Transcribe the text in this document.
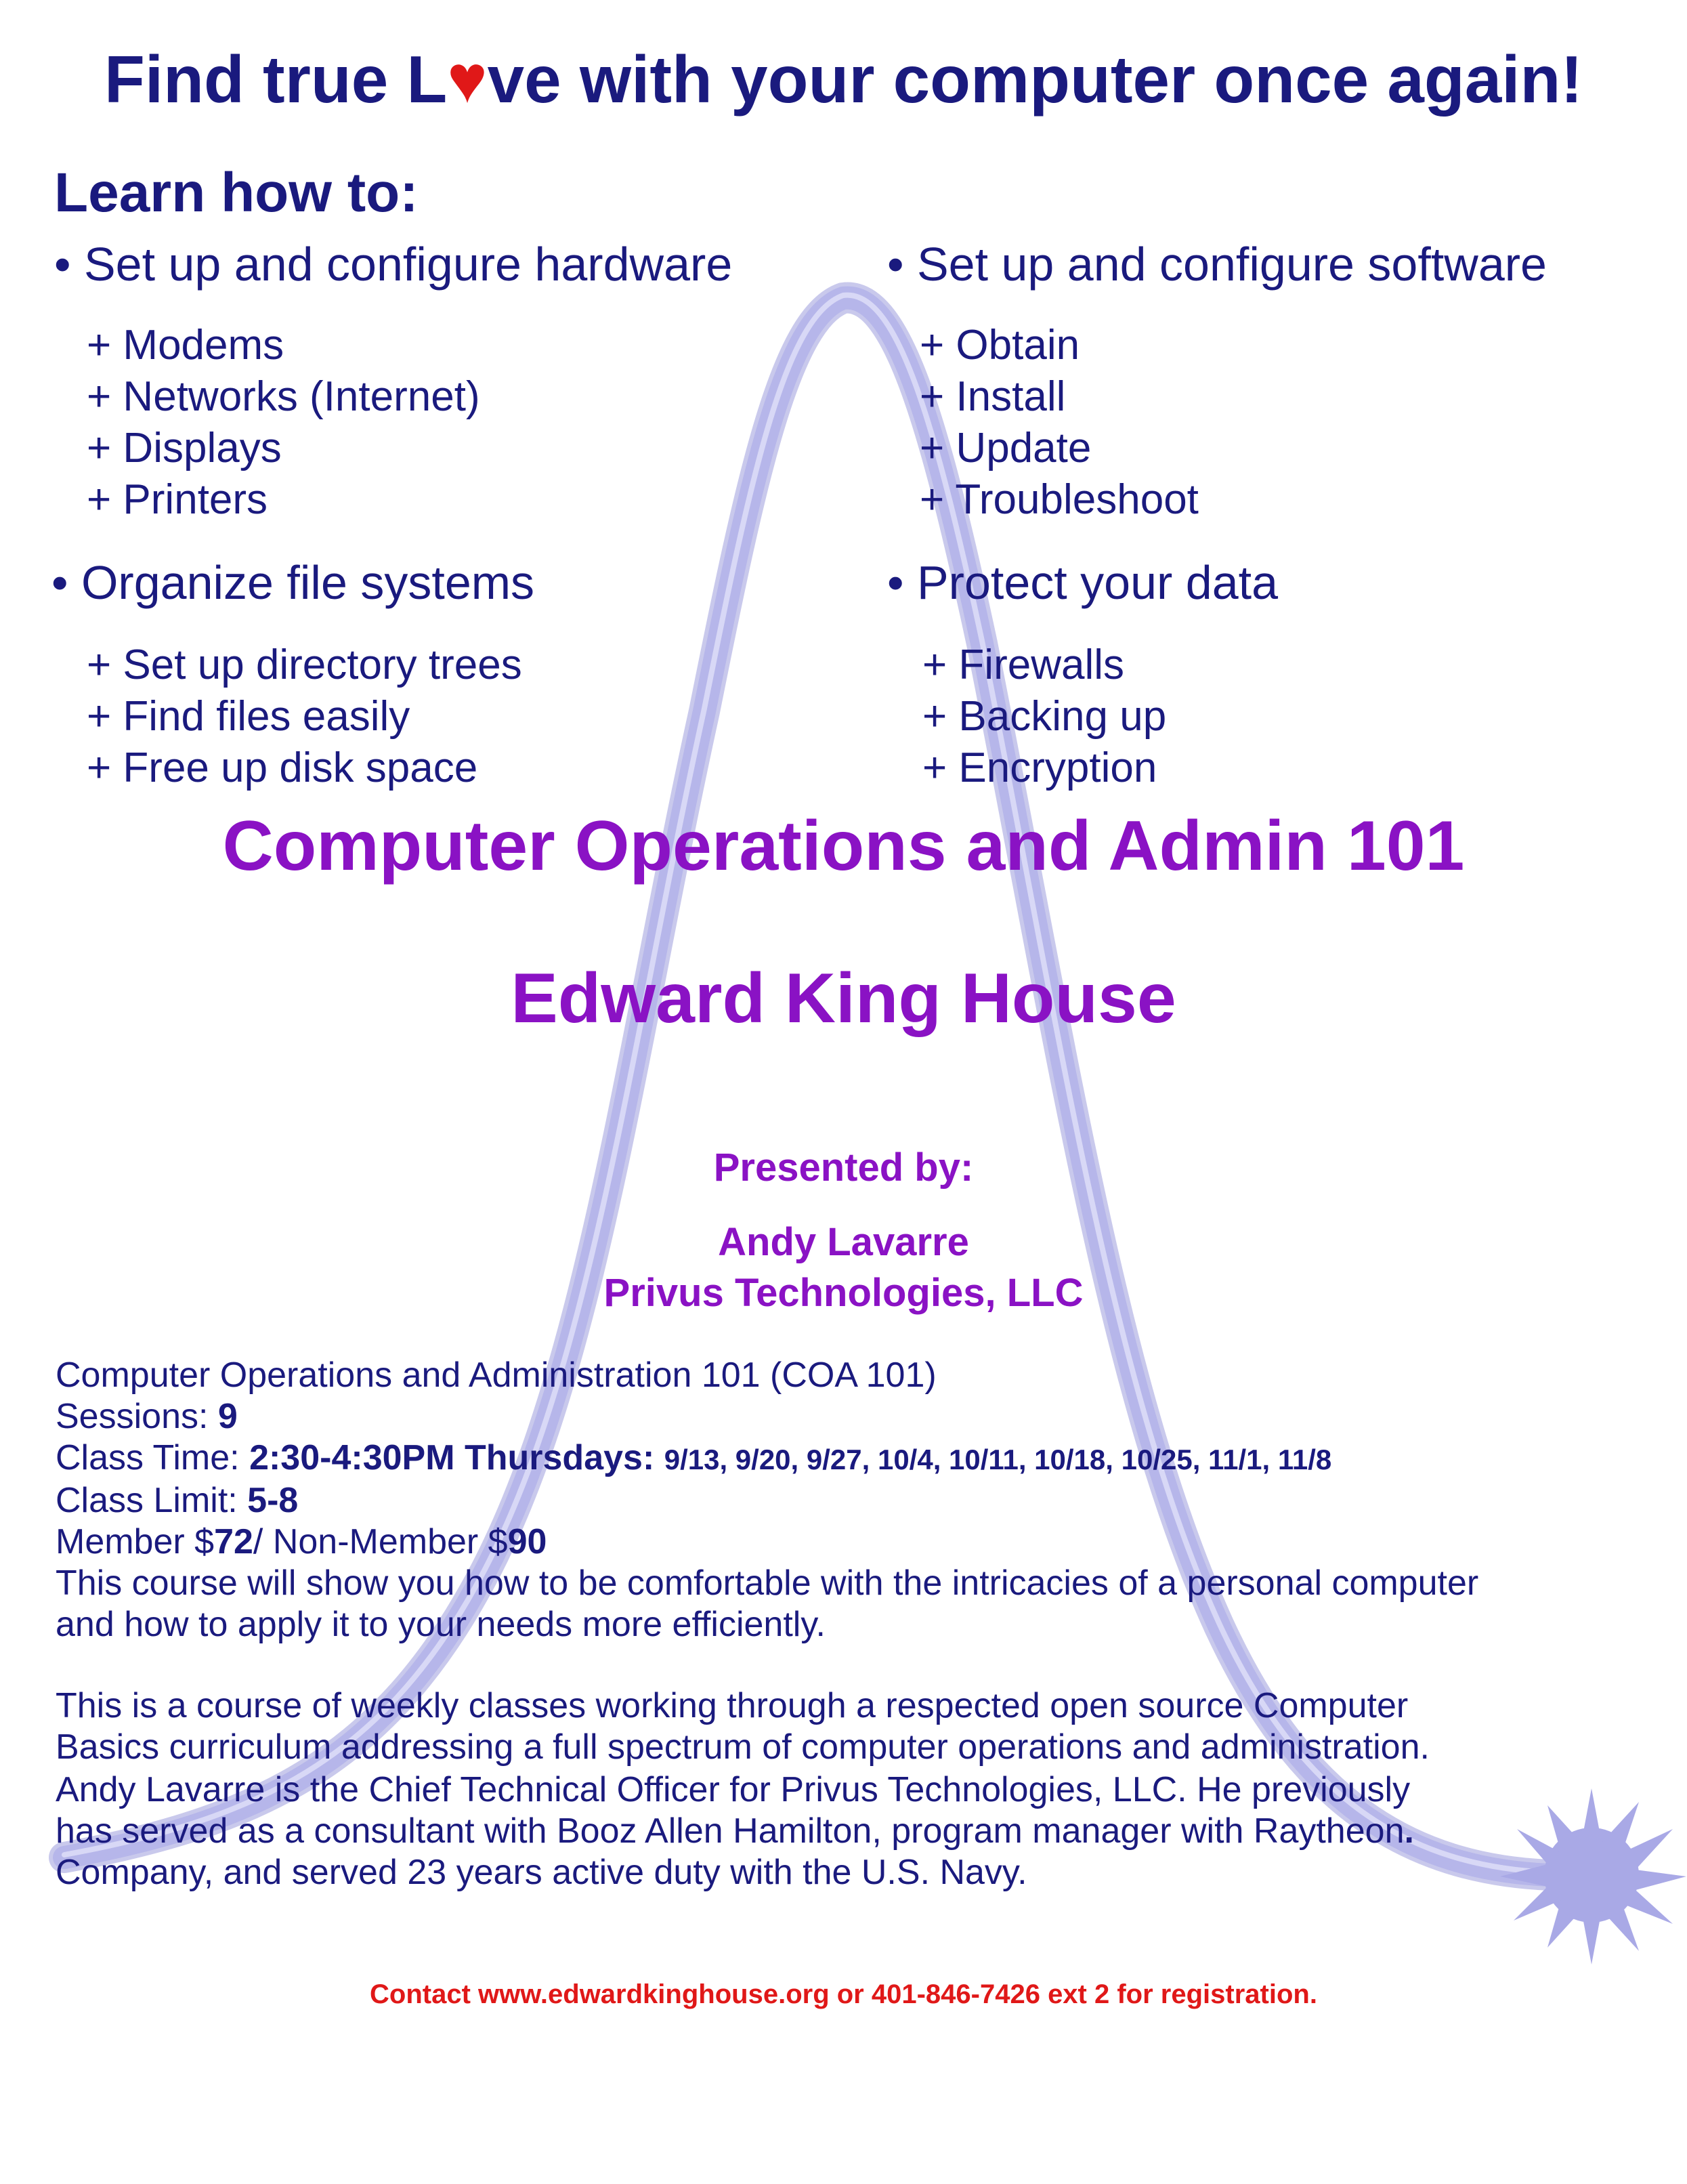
Find true L♥ve with your computer once again!
Learn how to:
• Set up and configure hardware
+ Modems
+ Networks (Internet)
+ Displays
+ Printers
• Set up and configure software
+ Obtain
+ Install
+ Update
+ Troubleshoot
• Organize file systems
+ Set up directory trees
+ Find files easily
+ Free up disk space
• Protect your data
+ Firewalls
+ Backing up
+ Encryption
Computer Operations and Admin 101
Edward King House
Presented by:
Andy Lavarre
Privus Technologies, LLC
Computer Operations and Administration 101 (COA 101)
Sessions: 9
Class Time: 2:30-4:30PM Thursdays: 9/13, 9/20, 9/27, 10/4, 10/11, 10/18, 10/25, 11/1, 11/8
Class Limit: 5-8
Member $72/ Non-Member $90
This course will show you how to be comfortable with the intricacies of a personal computer
and how to apply it to your needs more efficiently.
This is a course of weekly classes working through a respected open source Computer
Basics curriculum addressing a full spectrum of computer operations and administration.
Andy Lavarre is the Chief Technical Officer for Privus Technologies, LLC. He previously
has served as a consultant with Booz Allen Hamilton, program manager with Raytheon.
Company, and served 23 years active duty with the U.S. Navy.
Contact www.edwardkinghouse.org or 401-846-7426 ext 2 for registration.
